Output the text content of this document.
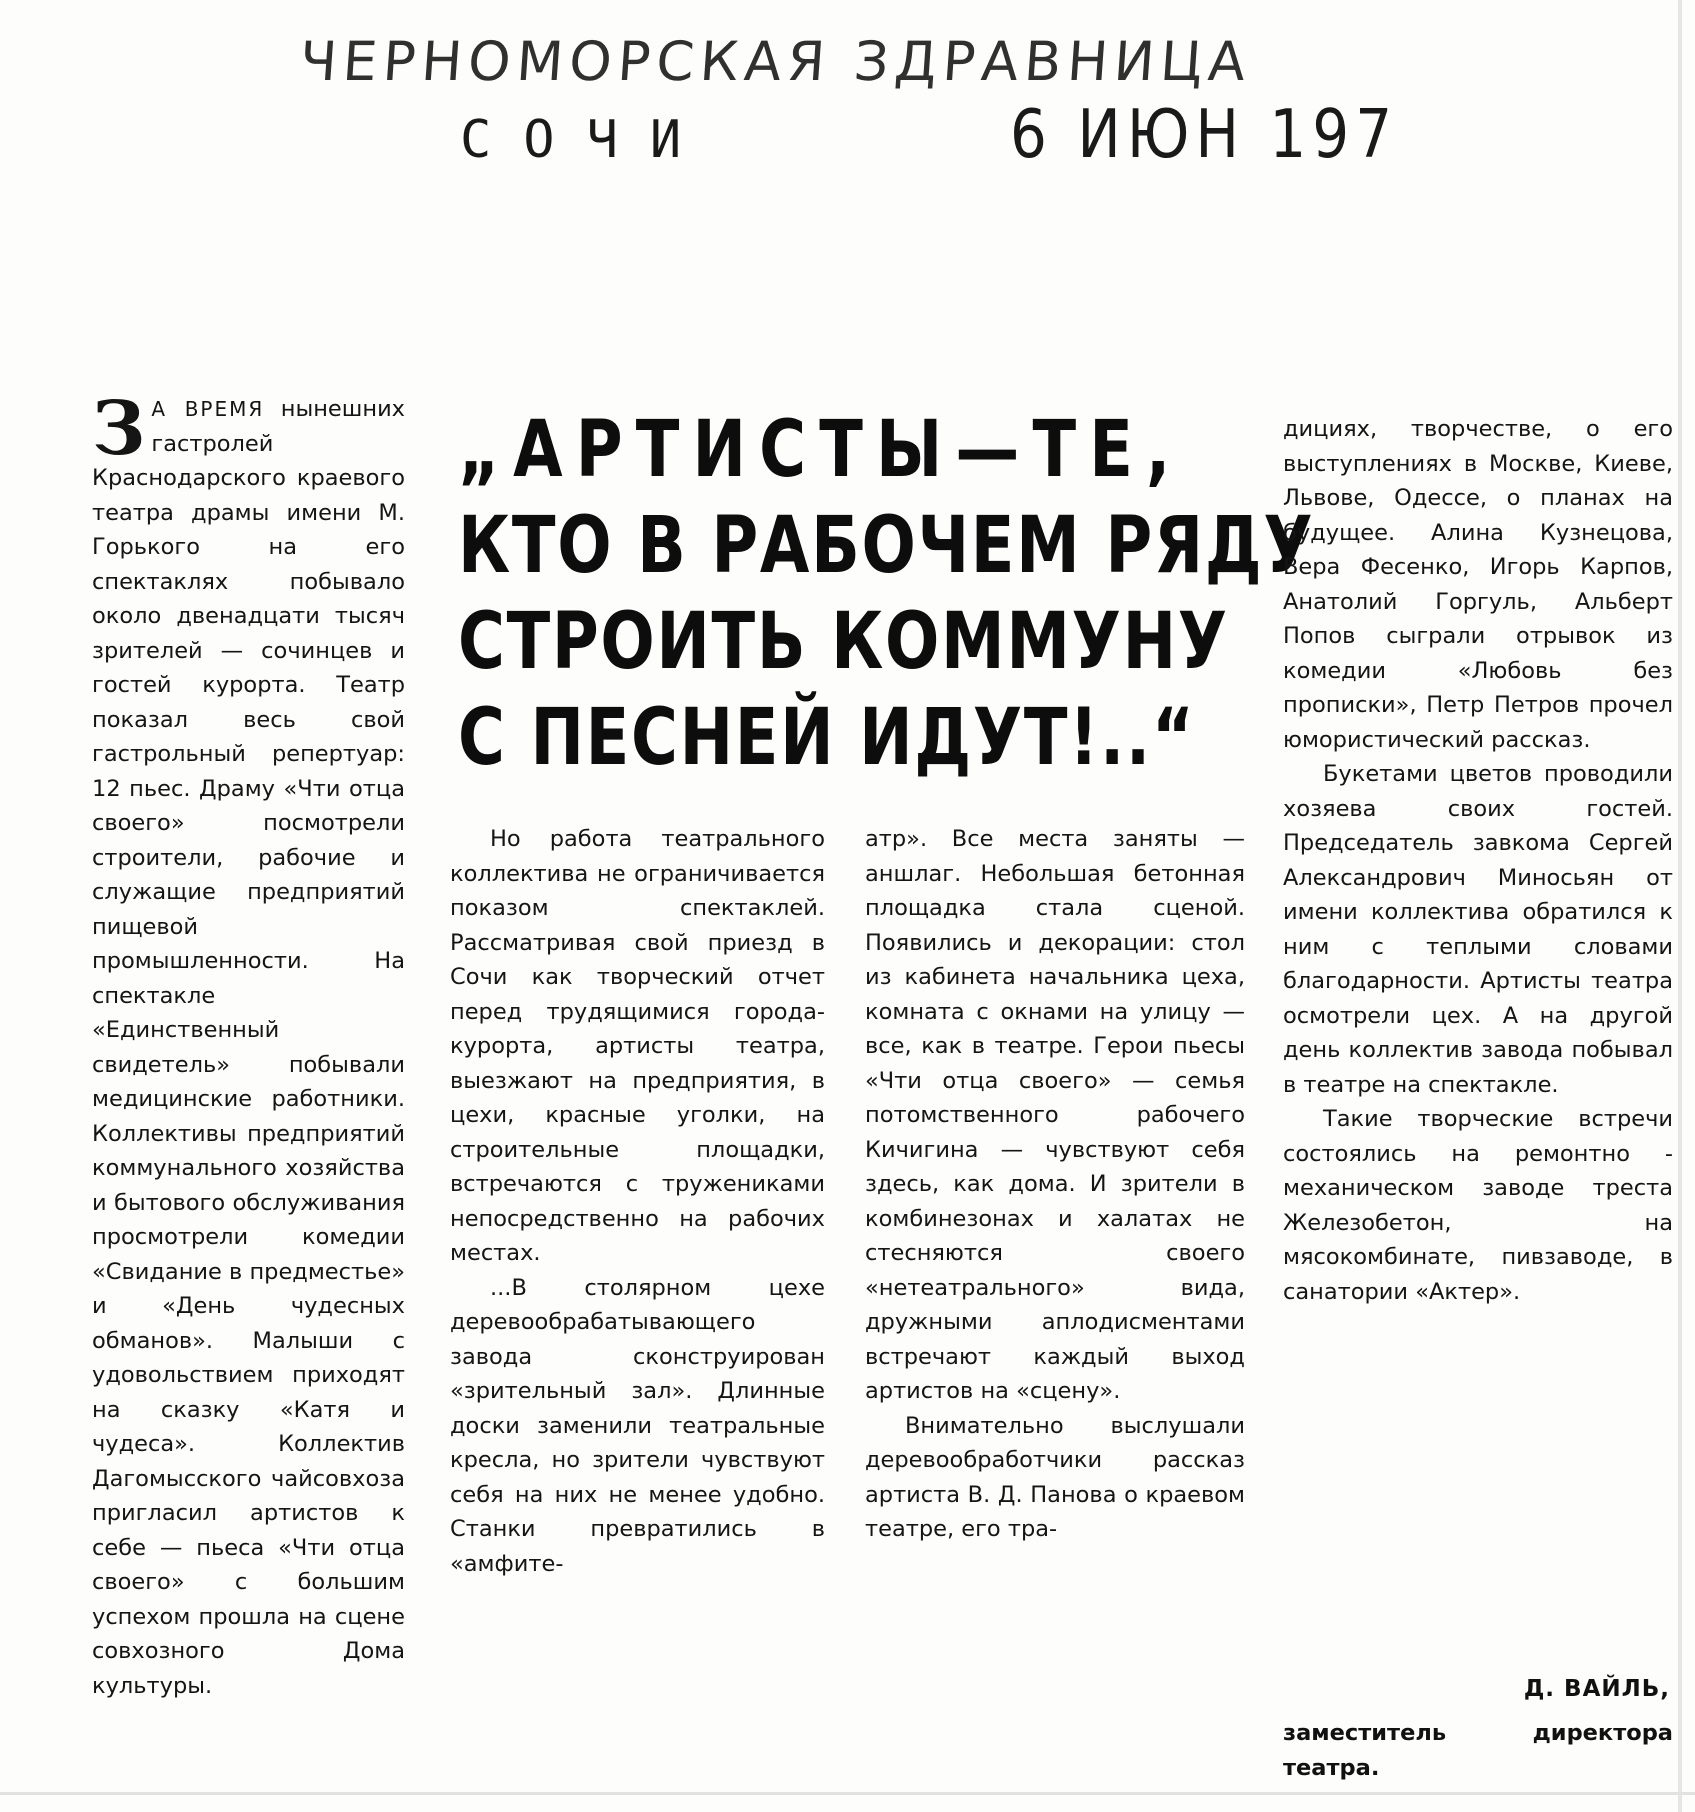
ЧЕРНОМОРСКАЯ ЗДРАВНИЦА
СОЧИ	6 ИЮН 197
„АРТИСТЫ—ТЕ,
КТО В РАБОЧЕМ РЯДУ
СТРОИТЬ КОММУНУ
С ПЕСНЕЙ ИДУТ!..“

З А ВРЕМЯ нынешних гастролей Краснодарского краевого театра драмы имени М. Горького на его спектаклях побывало около двенадцати тысяч зрителей — сочинцев и гостей курорта. Театр показал весь свой гастрольный репертуар: 12 пьес. Драму «Чти отца своего» посмотрели строители, рабочие и служащие предприятий пищевой промышленности. На спектакле «Единственный свидетель» побывали медицинские работники. Коллективы предприятий коммунального хозяйства и бытового обслуживания просмотрели комедии «Свидание в предместье» и «День чудесных обманов». Малыши с удовольствием приходят на сказку «Катя и чудеса». Коллектив Дагомысского чайсовхоза пригласил артистов к себе — пьеса «Чти отца своего» с большим успехом прошла на сцене совхозного Дома культуры.

Но работа театрального коллектива не ограничивается показом спектаклей. Рассматривая свой приезд в Сочи как творческий отчет перед трудящимися города-курорта, артисты театра, выезжают на предприятия, в цехи, красные уголки, на строительные площадки, встречаются с тружениками непосредственно на рабочих местах.

...В столярном цехе деревообрабатывающего завода сконструирован «зрительный зал». Длинные доски заменили театральные кресла, но зрители чувствуют себя на них не менее удобно. Станки превратились в «амфите-

атр». Все места заняты — аншлаг. Небольшая бетонная площадка стала сценой. Появились и декорации: стол из кабинета начальника цеха, комната с окнами на улицу — все, как в театре. Герои пьесы «Чти отца своего» — семья потомственного рабочего Кичигина — чувствуют себя здесь, как дома. И зрители в комбинезонах и халатах не стесняются своего «нетеатрального» вида, дружными аплодисментами встречают каждый выход артистов на «сцену».

Внимательно выслушали деревообработчики рассказ артиста В. Д. Панова о краевом театре, его тра-

дициях, творчестве, о его выступлениях в Москве, Киеве, Львове, Одессе, о планах на будущее. Алина Кузнецова, Вера Фесенко, Игорь Карпов, Анатолий Горгуль, Альберт Попов сыграли отрывок из комедии «Любовь без прописки», Петр Петров прочел юмористический рассказ.

Букетами цветов проводили хозяева своих гостей. Председатель завкома Сергей Александрович Миносьян от имени коллектива обратился к ним с теплыми словами благодарности. Артисты театра осмотрели цех. А на другой день коллектив завода побывал в театре на спектакле.

Такие творческие встречи состоялись на ремонтно - механическом заводе треста Железобетон, на мясокомбинате, пивзаводе, в санатории «Актер».

Д. ВАЙЛЬ,
заместитель директора театра.
